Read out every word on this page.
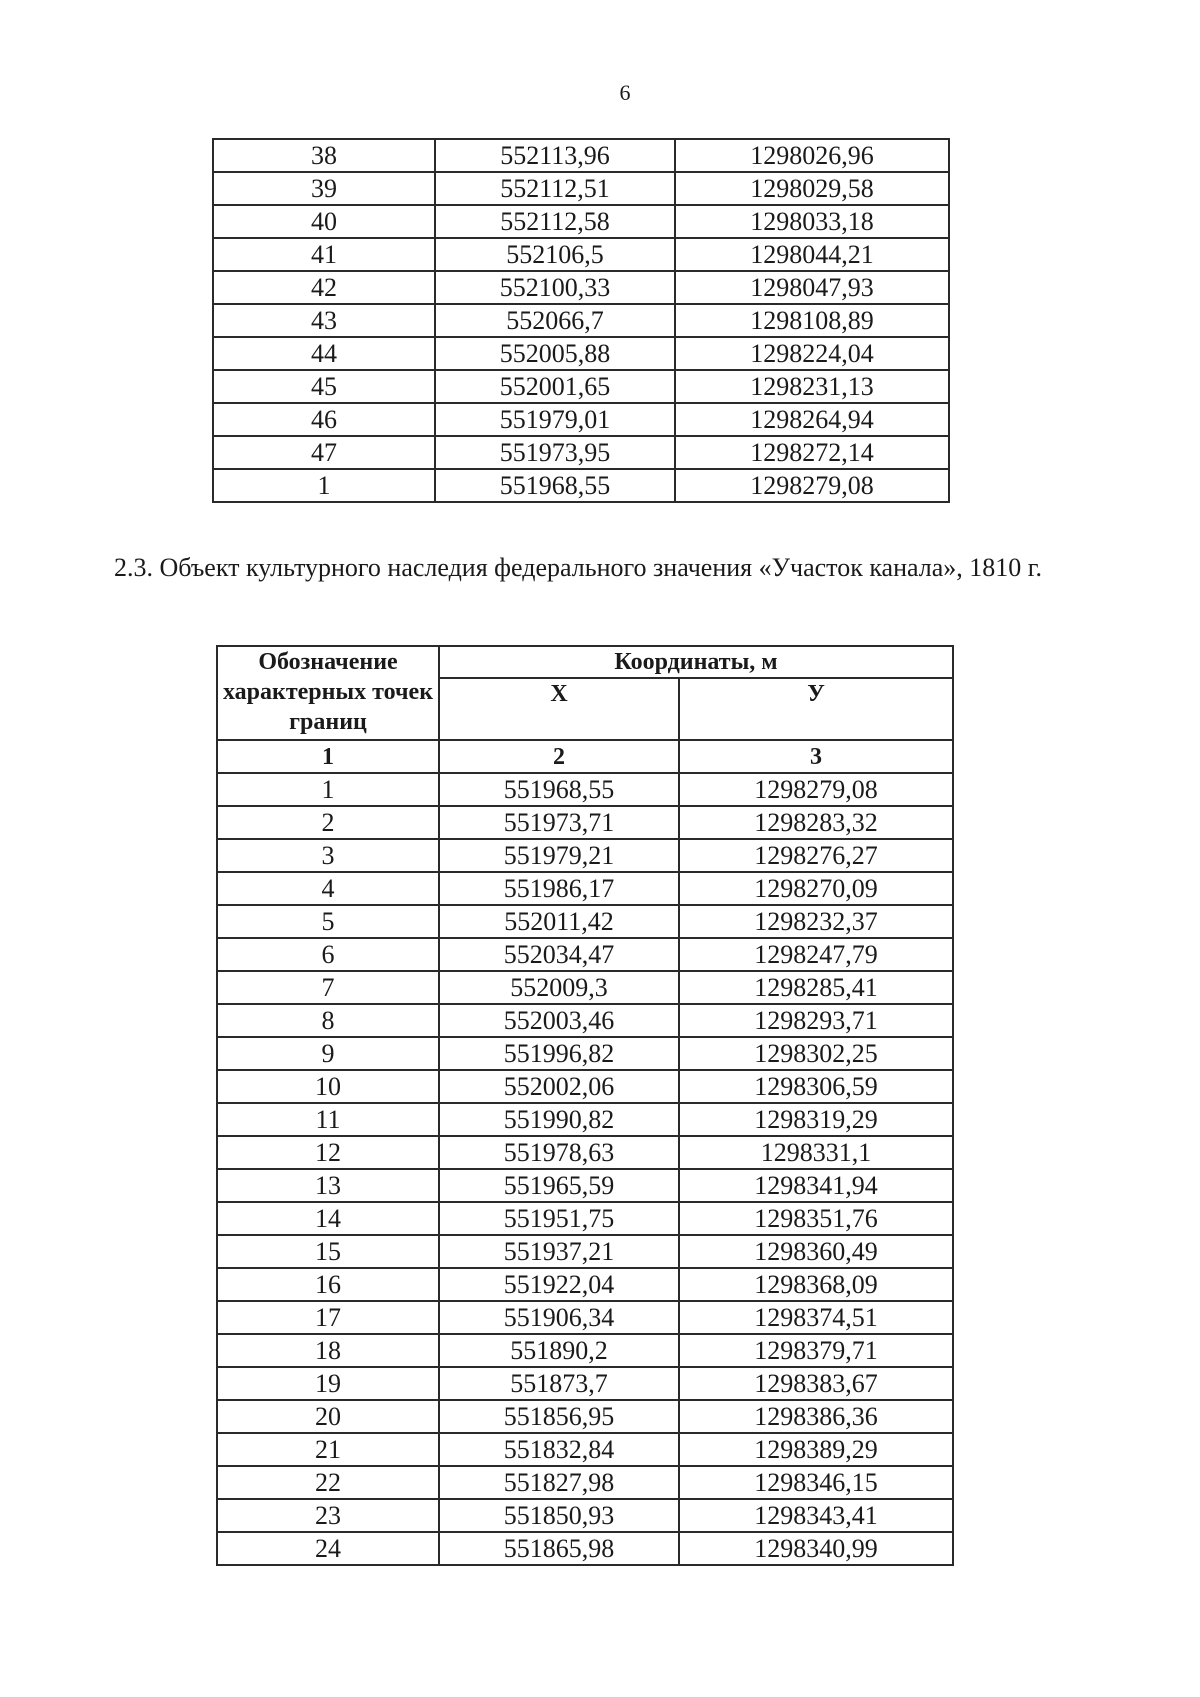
6
38	552113,96	1298026,96
39	552112,51	1298029,58
40	552112,58	1298033,18
41	552106,5	1298044,21
42	552100,33	1298047,93
43	552066,7	1298108,89
44	552005,88	1298224,04
45	552001,65	1298231,13
46	551979,01	1298264,94
47	551973,95	1298272,14
1	551968,55	1298279,08
2.3. Объект культурного наследия федерального значения «Участок канала», 1810 г.
Обозначение характерных точек границ	Координаты, м	
	X	У
1	2	3
1	551968,55	1298279,08
2	551973,71	1298283,32
3	551979,21	1298276,27
4	551986,17	1298270,09
5	552011,42	1298232,37
6	552034,47	1298247,79
7	552009,3	1298285,41
8	552003,46	1298293,71
9	551996,82	1298302,25
10	552002,06	1298306,59
11	551990,82	1298319,29
12	551978,63	1298331,1
13	551965,59	1298341,94
14	551951,75	1298351,76
15	551937,21	1298360,49
16	551922,04	1298368,09
17	551906,34	1298374,51
18	551890,2	1298379,71
19	551873,7	1298383,67
20	551856,95	1298386,36
21	551832,84	1298389,29
22	551827,98	1298346,15
23	551850,93	1298343,41
24	551865,98	1298340,99
